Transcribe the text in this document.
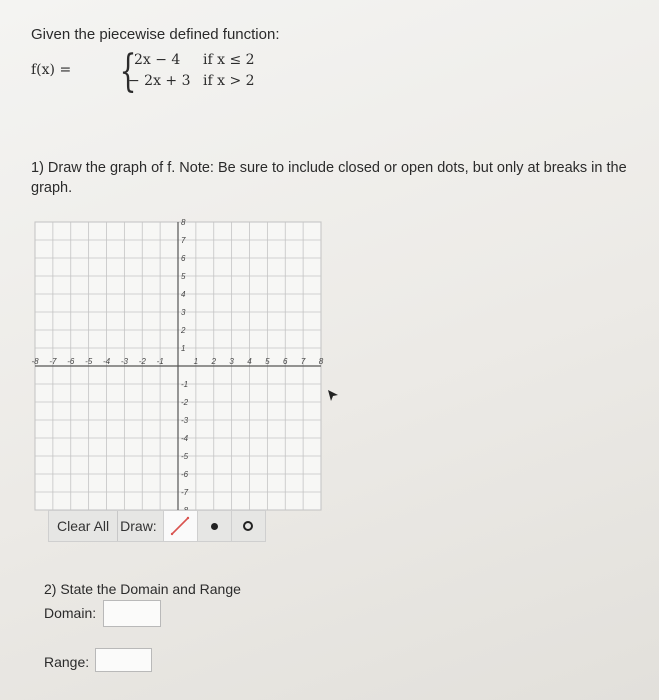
Given the piecewise defined function:
f(x) = {
2x − 4 if x ≤ 2
− 2x + 3 if x > 2
1) Draw the graph of f. Note: Be sure to include closed or open dots, but only at breaks in the graph.
-8 -7 -6 -5 -4 -3 -2 -1	1 2 3 4 5 6 7 8
8
7
6
5
4
3
2
1
-1
-2
-3
-4
-5
-6
-7
Clear All Draw:
2) State the Domain and Range
Domain:
Range:
